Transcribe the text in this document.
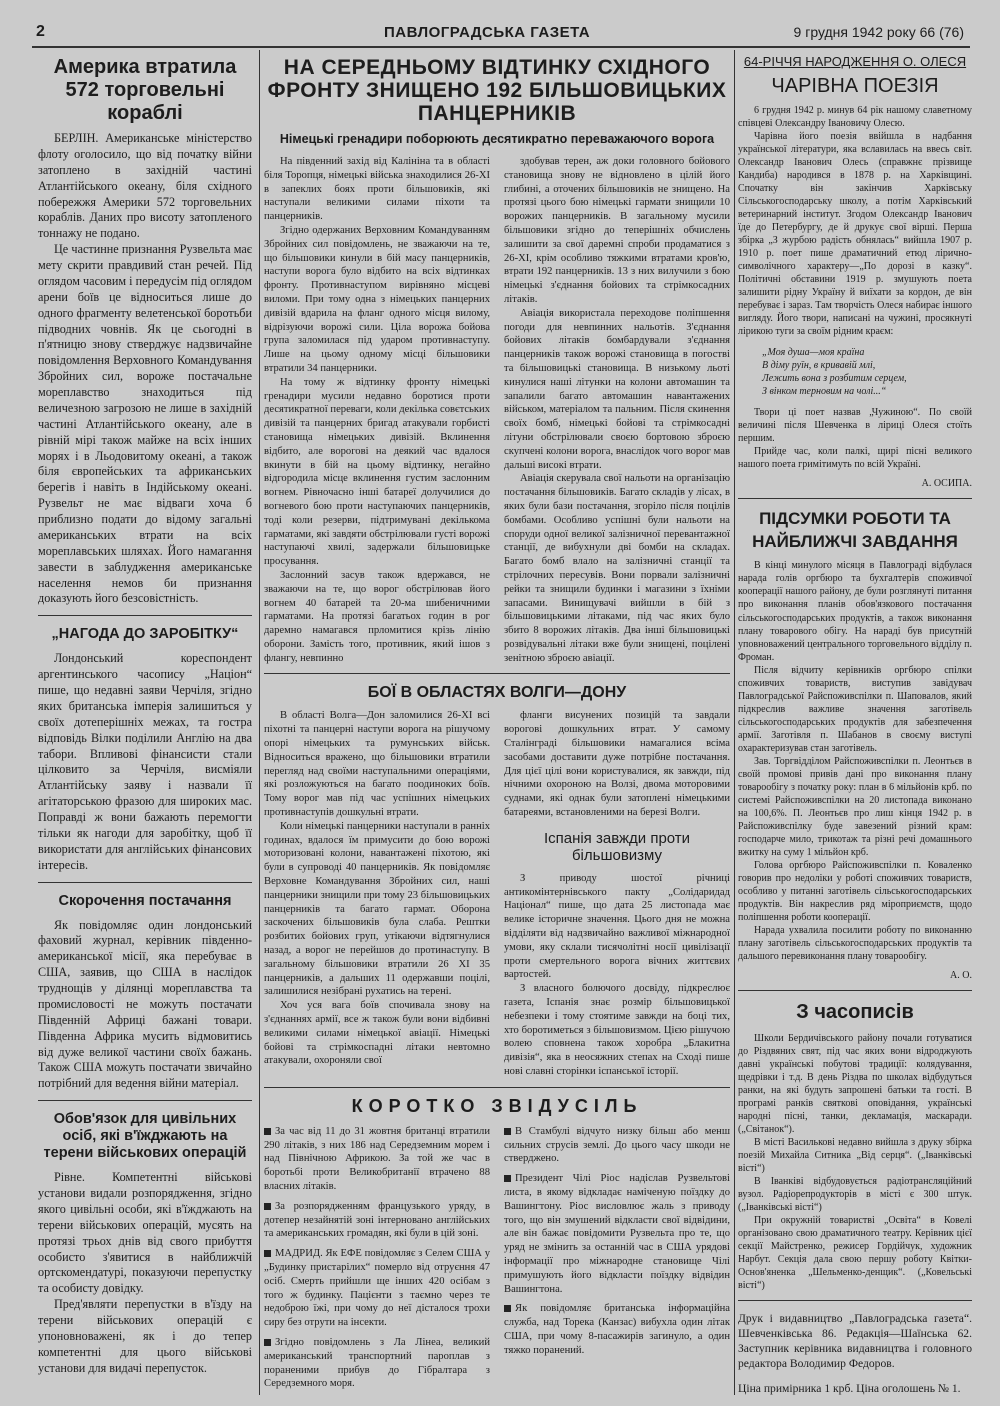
2	ПАВЛОГРАДСЬКА ГАЗЕТА	9 грудня 1942 року 66 (76)
Америка втратила 572 торговельні кораблі

БЕРЛІН. Американське міністерство флоту оголосило, що від початку війни затоплено в західній частині Атлантійського океану, біля східного побережжя Америки 572 торговельних кораблів. Даних про висоту затопленого тоннажу не подано.

Це частинне признання Рузвельта має мету скрити правдивий стан речей. Під оглядом часовим і передусім під оглядом арени боїв це відноситься лише до одного фрагменту велетенської боротьби підводних човнів. Як це сьогодні в п'ятницю знову стверджує надзвичайне повідомлення Верховного Командування Збройних сил, вороже постачальне мореплавство знаходиться під величезною загрозою не лише в західній частині Атлантійського океану, але в рівній мірі також майже на всіх інших морях і в Льодовитому океані, а також біля європейських та африканських берегів і навіть в Індійському океані. Рузвельт не має відваги хоча б приблизно подати до відому загальні американських втрати на всіх мореплавських шляхах. Його намагання завести в заблудження американське населення немов би признання доказують його безсовістність.

„НАГОДА ДО ЗАРОБІТКУ“

Лондонський кореспондент аргентинського часопису „Націон“ пише, що недавні заяви Черчіля, згідно яких британська імперія залишиться у своїх дотеперішніх межах, та гостра відповідь Вілки поділили Англію на два табори. Впливові фінансисти стали цілковито за Черчіля, висміяли Атлантійську заяву і назвали її агітаторською фразою для широких мас. Поправді ж вони бажають перемогти тільки як нагоди для заробітку, щоб її використати для англійських фінансових інтересів.

Скорочення постачання

Як повідомляє один лондонський фаховий журнал, керівник південно-американської місії, яка перебуває в США, заявив, що США в наслідок труднощів у ділянці мореплавства та промисловості не можуть постачати Південній Африці бажані товари. Південна Африка мусить відмовитись від дуже великої частини своїх бажань. Також США можуть постачати звичайно потрібний для ведення війни матеріал.

Обов'язок для цивільних осіб, які в'їжджають на терени військових операцій

Рівне. Компетентні військові установи видали розпорядження, згідно якого цивільні особи, які в'їжджають на терени військових операцій, мусять на протязі трьох днів від свого прибуття особисто з'явитися в найближчій ортскомендатурі, показуючи перепустку та особисту довідку.

Пред'являти перепустки в в'їзду на терени військових операцій є упоновноваженi, як і до тепер компетентні для цього військові установи для видачі перепусток.

НА СЕРЕДНЬОМУ ВІДТИНКУ СХІДНОГО ФРОНТУ ЗНИЩЕНО 192 БІЛЬШОВИЦЬКИХ ПАНЦЕРНИКІВ
Німецькі гренадири поборюють десятикратно переважаючого ворога

На південний захід від Калініна та в області біля Торопця, німецькі війська знаходилися 26-ХІ в запеклих боях проти більшовиків, які наступали великими силами піхоти та панцерників.

Згідно одержаних Верховним Командуванням Збройних сил повідомлень, не зважаючи на те, що більшовики кинули в бій масу панцерників, наступи ворога було відбито на всіх відтинках фронту. Противнаступом вирівняно місцеві виломи. При тому одна з німецьких панцерних дивізій вдарила на фланг одного місця вилому, відрізуючи ворожі сили. Ціла ворожа бойова група заломилася під ударом противнаступу. Лише на цьому одному місці більшовики втратили 34 панцерники.

На тому ж відтинку фронту німецькі гренадири мусили недавно боротися проти десятикратної переваги, коли декілька совєтських дивізій та панцерних бригад атакували горбисті становища німецьких дивізій. Вклинення відбито, але ворогові на деякий час вдалося вкинути в бій на цьому відтинку, негайно відгородила місце вклинення густим заслонним вогнем. Рівночасно інші батареї долучилися до вогневого бою проти наступаючих панцерників, тоді коли резерви, підтримувані декількома гарматами, які завдяти обстрілювали густі ворожі наступаючі хвилі, задержали більшовицьке просування.

Заслонний засув також вдержався, не зважаючи на те, що ворог обстрілював його вогнем 40 батарей та 20-ма шибеничними гарматами. На протязі багатьох годин в рог даремно намагався прломитися крізь лінію оборони. Замість того, противник, який ішов з флангу, невпинно

здобував терен, аж доки головного бойового становища знову не відновлено в цілій його глибині, а оточених більшовиків не знищено. На протязі цього бою німецькі гармати знищили 10 ворожих панцерників. В загальному мусили більшовики згідно до теперішніх обчислень залишити за свої даремні спроби продаматися з 26-ХІ, крім особливо тяжкими втратами кров'ю, втрати 192 панцерників. 13 з них вилучили з бою німецькі з'єднання бойових та стрімкосадних літаків.

Авіація використала переходове поліпшення погоди для невпинних нальотів. З'єднання бойових літаків бомбардували з'єднання панцерників також ворожі становища в погостві та більшовицькі становища. В низькому льоті кинулися наші літунки на колони автомашин та запалили багато автомашин навантажених військом, матеріалом та пальним. Після скинення своїх бомб, німецькі бойові та стрімкосадні літуни обстрілювали своєю бортовою зброєю скупчені колони ворога, внаслідок чого ворог мав дальші високі втрати.

Авіація скерувала свої нальоти на організацію постачання більшовиків. Багато складів у лісах, в яких були бази постачання, згоріло після поцілів бомбами. Особливо успішні були нальоти на споруди одної великої залізничної перевантажної станції, де вибухнули дві бомби на складах. Багато бомб влало на залізничні станції та стрілочних пересувів. Вони порвали залізничні рейки та знищили будинки і магазини з їхніми запасами. Винищувачі вийшли в бій з більшовицькими літаками, під час яких було збито 8 ворожих літаків. Два інші більшовицькі розвідувальні літаки вже були знищені, поцілені зенітною зброєю авіації.

БОЇ В ОБЛАСТЯХ ВОЛГИ—ДОНУ

В області Волга—Дон заломилися 26-ХІ всі піхотні та панцерні наступи ворога на рішучому опорі німецьких та румунських військ. Відноситься вражено, що більшовики втратили перегляд над своїми наступальними операціями, які розложуються на багато поодиноких боїв. Тому ворог мав під час успішних німецьких противнаступів дошкульні втрати.

Коли німецькі панцерники наступали в ранніх годинах, вдалося їм примусити до бою ворожі моторизовані колони, навантажені піхотою, які були в супроводі 40 панцерників. Як повідомляє Верховне Командування Збройних сил, наші панцерники знищили при тому 23 більшовицьких панцерників та багато гармат. Оборона заскочених більшовиків була слаба. Рештки розбитих бойових груп, утікаючи відтягнулися назад, а ворог не перейшов до протинаступу. В загальному більшовики втратили 26 ХІ 35 панцерників, а дальших 11 одержавши поцілі, залишилися незібрані рухатись на терені.

Хоч уся вага боїв спочивала знову на з'єднаннях армії, все ж також були вони відбивні великими силами німецької авіації. Німецькі бойові та стрімкоспадні літаки невтомно атакували, охороняли свої

фланги висунених позицій та завдали ворогові дошкульних втрат. У самому Сталінграді більшовики намагалися всіма засобами доставити дуже потрібне постачання. Для цієї цілі вони користувалися, як завжди, під нічними охороною на Волзі, двома моторовими суднами, які однак були затоплені німецькими батареями, встановленими на березі Волги.

Іспанія завжди проти більшовизму

З приводу шостої річниці антикомінтернівського пакту „Солідаридад Націонал“ пише, що дата 25 листопада має велике історичне значення. Цього дня не можна відділяти від надзвичайно важливої міжнародної умови, яку склали тисячолітні носії цивілізації проти смертельного ворога вічних життєвих вартостей.

З власного болючого досвіду, підкреслює газета, Іспанія знає розмір більшовицької небезпеки і тому стоятиме завжди на боці тих, хто боротиметься з більшовизмом. Цією рішучою волею сповнена також хоробра „Блакитна дивізія“, яка в неосяжних степах на Сході пише нові славні сторінки іспанської історії.

КОРОТКО ЗВІДУСІЛЬ
За час від 11 до 31 жовтня британці втратили 290 літаків, з них 186 над Середземним морем і над Північною Африкою. За той же час в боротьбі проти Великобританії втрачено 88 власних літаків.
За розпорядженням французького уряду, в дотепер незайнятій зоні інтерновано англійських та американських громадян, які були в цій зоні.
МАДРИД. Як ЕФЕ повідомляє з Селем США у „Будинку пристарілих“ померло від отруєння 47 осіб. Смерть прийшли ще інших 420 осібам з того ж будинку. Пацієнти з таємно через те недоброю їжі, при чому до неї дісталося трохи сиру без отрути на інсекти.
Згідно повідомлень з Ла Лінеа, великий американський транспортний пароплав з пораненими прибув до Гібралтара з Середземного моря.
В Стамбулі відчуто низку більш або менш сильних струсів землі. До цього часу шкоди не стверджено.
Президент Чілі Ріос надіслав Рузвельтові листа, в якому відкладає наміченую поїздку до Вашингтону. Ріос висловлює жаль з приводу того, що він змушений відкласти свої відвідини, але він бажає повідомити Рузвельта про те, що уряд не змінить за останній час в США урядові інформації про міжнародне становище Чілі примушують його відкласти поїздку відвідин Вашингтона.
Як повідомляє британська інформаційна служба, над Торека (Канзас) вибухла один літак США, при чому 8-пасажирів загинуло, а один тяжко поранений.
64-РІЧЧЯ НАРОДЖЕННЯ О. ОЛЕСЯ
ЧАРІВНА ПОЕЗІЯ

6 грудня 1942 р. минув 64 рік нашому славетному співцеві Олександру Івановичу Олесю.

Чарівна його поезія ввійшла в надбання української літератури, яка вславилась на ввесь світ. Олександр Іванович Олесь (справжнє прізвище Кандиба) народився в 1878 р. на Харківщині. Спочатку він закінчив Харківську Сільськогосподарську школу, а потім Харківський ветеринарний інститут. Згодом Олександр Іванович їде до Петербургу, де й друкує свої вірші. Перша збірка „З журбою радість обнялась“ вийшла 1907 р. 1910 р. поет пише драматичний етюд лірично-символічного характеру—„По дорозі в казку“. Політичні обставини 1919 р. змушують поета залишити рідну Україну й виїхати за кордон, де він перебуває і зараз. Там творчість Олеся набирає іншого вигляду. Його твори, написані на чужині, просякнуті лірикою туги за своїм рідним краєм:

„Моя душа—моя країна
В діму руїн, в кривавій млі,
Лежить вона з розбитим серцем,
З вінком терновим на чолі...“

Твори ці поет назвав „Чужиною“. По своїй величині після Шевченка в ліриці Олеся стоїть першим.

Прийде час, коли палкі, щирі пісні великого нашого поета гримітимуть по всій Україні.

А. ОСИПА.
ПІДСУМКИ РОБОТИ ТА НАЙБЛИЖЧІ ЗАВДАННЯ

В кінці минулого місяця в Павлограді відбулася нарада голів оргбюро та бухгалтерів споживчої кооперації нашого району, де були розглянуті питання про виконання планів обов'язкового постачання сільськогосподарських продуктів, а також виконання плану товарового обігу. На нараді був присутній уповноважений центрального торговельного відділу п. Фроман.

Після відчиту керівників оргбюро спілки споживчих товариств, виступив завідувач Павлоградської Райспоживспілки п. Шаповалов, який підкреслив важливе значення заготівель сільськогосподарських продуктів для забезпечення армії. Заготівля п. Шабанов в своєму виступі охарактеризував стан заготівель.

Зав. Торгвідділом Райспоживспілки п. Леонтьєв в своїй промові привів дані про виконання плану товарообігу з початку року: план в 6 мільйонів крб. по системі Райспоживспілки на 20 листопада виконано на 100,6%. П. Леонтьєв про лиш кінця 1942 р. в Райспоживспілку буде завезений різний крам: господарче мило, трикотаж та різні речі домашнього вжитку на суму 1 мільйон крб.

Голова оргбюро Райспоживспілки п. Коваленко говорив про недоліки у роботі споживчих товариств, особливо у питанні заготівель сільськогосподарських продуктів. Він накреслив ряд міроприємств, щодо поліпшення роботи кооперації.

Нарада ухвалила посилити роботу по виконанню плану заготівель сільськогосподарських продуктів та дальшого перевиконання плану товарообігу.

А. О.
З часописів

Школи Бердичівського району почали готуватися до Різдвяних свят, під час яких вони відроджують давні українські побутові традиції: колядування, щедрівки і т.д. В день Різдва по школах відбудуться ранки, на які будуть запрошені батьки та гості. В програмі ранків святкові оповідання, українські народні пісні, танки, декламація, маскаради. („Світанок“).

В місті Васильковi недавно вийшла з друку збірка поезій Михайла Ситника „Від серця“. („Іванківські вісті“)

В Іванківі відбудовується радіотрансляційний вузол. Радіорепродукторів в місті є 300 штук. („Іванківські вісті“)

При окружній товаристві „Освіта“ в Ковелі організовано свою драматичного театру. Керівник цієї секції Майстренко, режисер Гордійчук, художник Нарбут. Секція дала свою першу роботу Квітки-Основ'яненка „Шельменко-денщик“. („Ковельські вісті“)

Друк і видавництво „Павлоградська газета“. Шевченківська 86. Редакція—Шаїнська 62. Заступник керівника видавництва і головного редактора Володимир Федоров.

Ціна примірника 1 крб. Ціна оголошень № 1.
